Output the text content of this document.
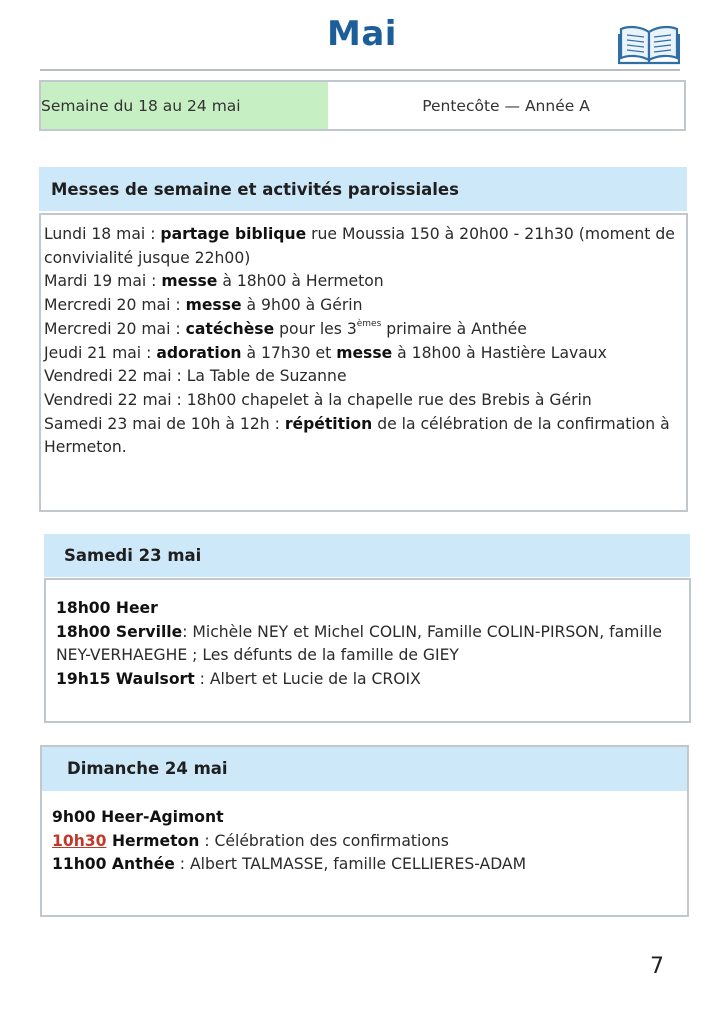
Mai
Semaine du 18 au 24 mai	Pentecôte — Année A
Messes de semaine et activités paroissiales
Lundi 18 mai : partage biblique rue Moussia 150 à 20h00 - 21h30 (moment de convivialité jusque 22h00)
Mardi 19 mai : messe à 18h00 à Hermeton
Mercredi 20 mai : messe à 9h00 à Gérin
Mercredi 20 mai : catéchèse pour les 3èmes primaire à Anthée
Jeudi 21 mai : adoration à 17h30 et messe à 18h00 à Hastière Lavaux
Vendredi 22 mai : La Table de Suzanne
Vendredi 22 mai : 18h00 chapelet à la chapelle rue des Brebis à Gérin
Samedi 23 mai de 10h à 12h : répétition de la célébration de la confirmation à Hermeton.
Samedi 23 mai
18h00 Heer
18h00 Serville: Michèle NEY et Michel COLIN, Famille COLIN-PIRSON, famille NEY-VERHAEGHE ; Les défunts de la famille de GIEY
19h15 Waulsort : Albert et Lucie de la CROIX
Dimanche 24 mai
9h00 Heer-Agimont
10h30 Hermeton : Célébration des confirmations
11h00 Anthée : Albert TALMASSE, famille CELLIERES-ADAM
7
